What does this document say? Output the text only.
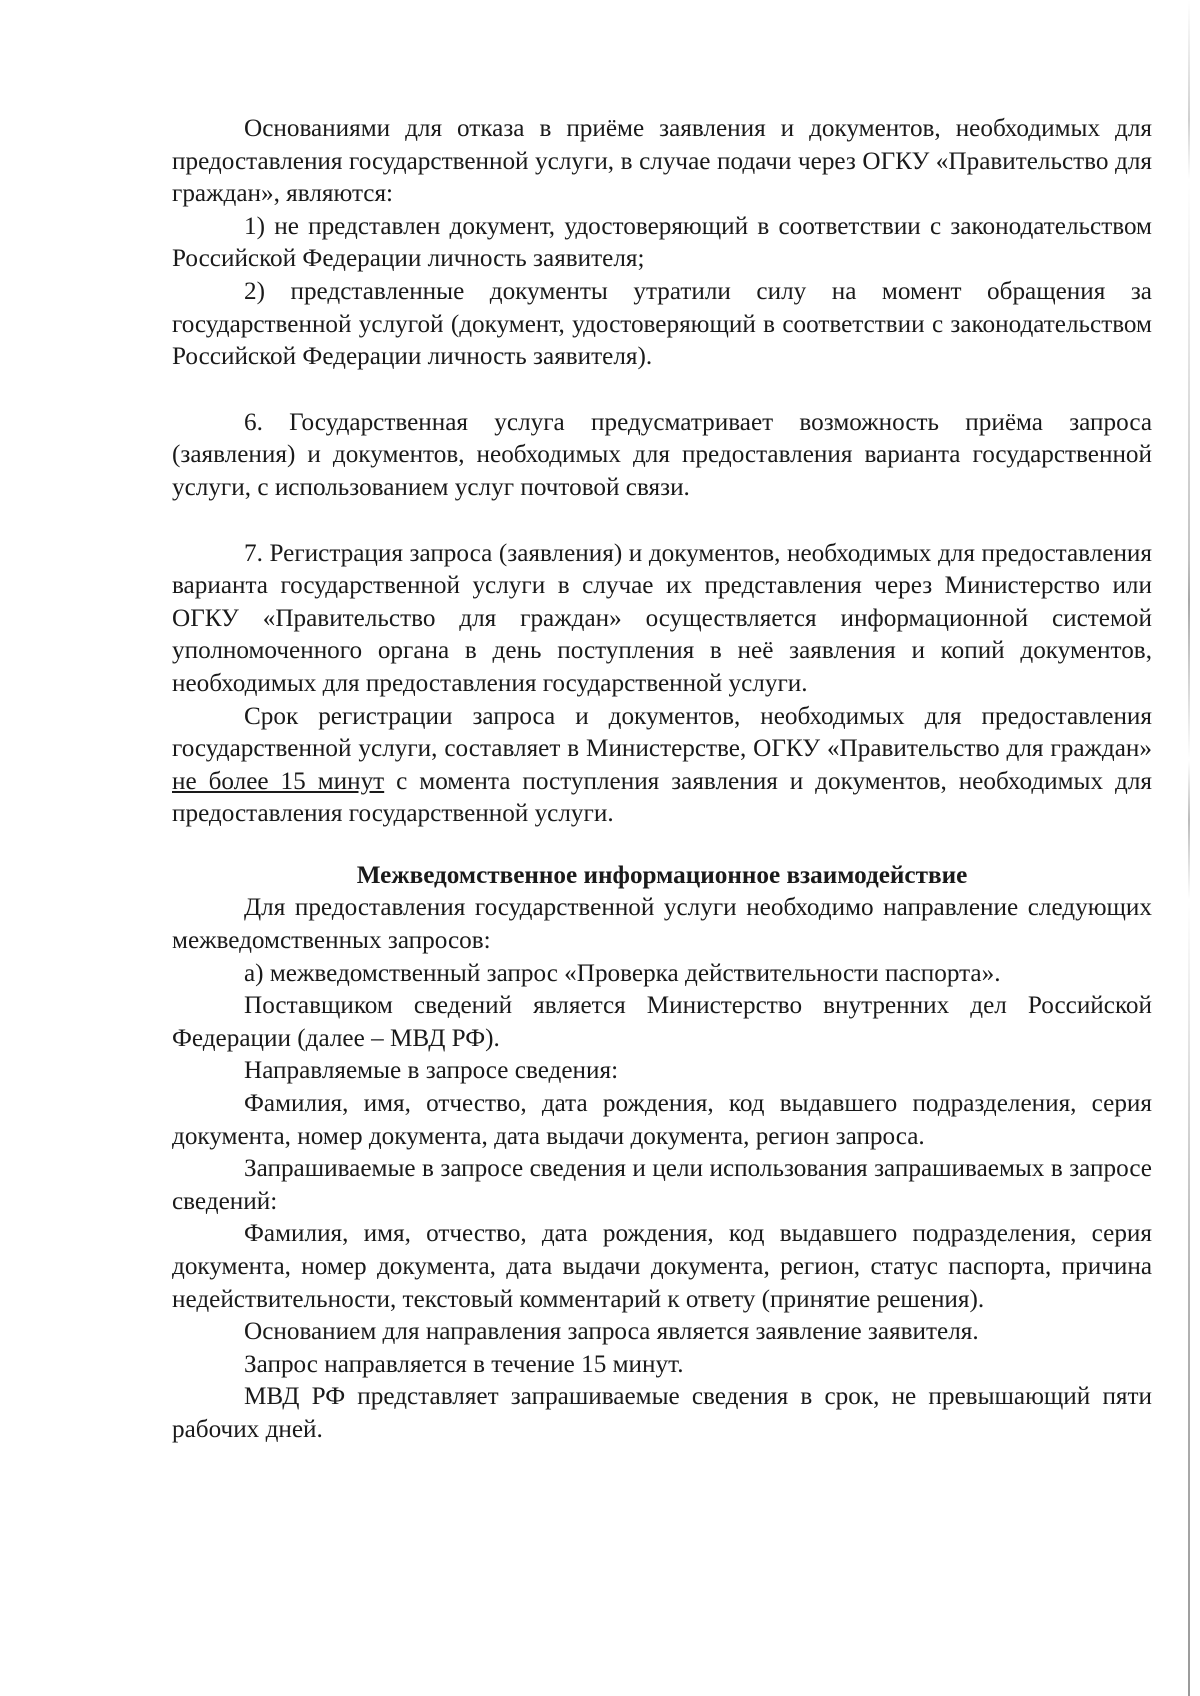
Основаниями для отказа в приёме заявления и документов, необходимых для предоставления государственной услуги, в случае подачи через ОГКУ «Правительство для граждан», являются:

1) не представлен документ, удостоверяющий в соответствии с законодательством Российской Федерации личность заявителя;

2) представленные документы утратили силу на момент обращения за государственной услугой (документ, удостоверяющий в соответствии с законодательством Российской Федерации личность заявителя).

6. Государственная услуга предусматривает возможность приёма запроса (заявления) и документов, необходимых для предоставления варианта государственной услуги, с использованием услуг почтовой связи.

7. Регистрация запроса (заявления) и документов, необходимых для предоставления варианта государственной услуги в случае их представления через Министерство или ОГКУ «Правительство для граждан» осуществляется информационной системой уполномоченного органа в день поступления в неё заявления и копий документов, необходимых для предоставления государственной услуги.

Срок регистрации запроса и документов, необходимых для предоставления государственной услуги, составляет в Министерстве, ОГКУ «Правительство для граждан» не более 15 минут с момента поступления заявления и документов, необходимых для предоставления государственной услуги.

Межведомственное информационное взаимодействие

Для предоставления государственной услуги необходимо направление следующих межведомственных запросов:

а) межведомственный запрос «Проверка действительности паспорта».

Поставщиком сведений является Министерство внутренних дел Российской Федерации (далее – МВД РФ).

Направляемые в запросе сведения:

Фамилия, имя, отчество, дата рождения, код выдавшего подразделения, серия документа, номер документа, дата выдачи документа, регион запроса.

Запрашиваемые в запросе сведения и цели использования запрашиваемых в запросе сведений:

Фамилия, имя, отчество, дата рождения, код выдавшего подразделения, серия документа, номер документа, дата выдачи документа, регион, статус паспорта, причина недействительности, текстовый комментарий к ответу (принятие решения).

Основанием для направления запроса является заявление заявителя.

Запрос направляется в течение 15 минут.

МВД РФ представляет запрашиваемые сведения в срок, не превышающий пяти рабочих дней.
